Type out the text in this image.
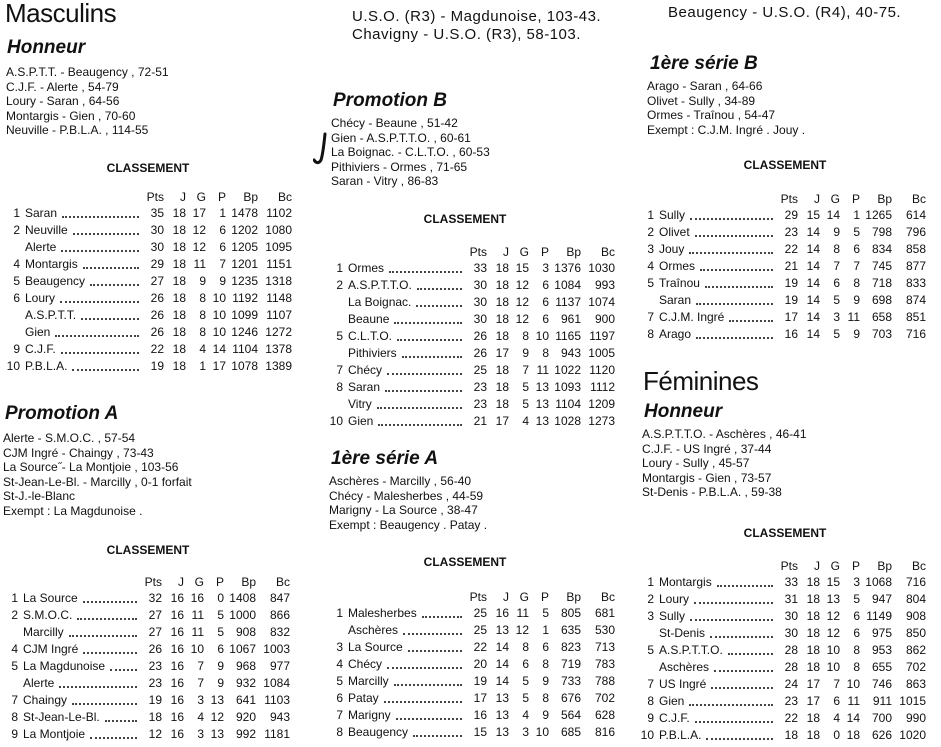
Masculins
Honneur
A.S.P.T.T. - Beaugency , 72-51
C.J.F. - Alerte , 54-79
Loury - Saran , 64-56
Montargis - Gien , 70-60
Neuville - P.B.L.A. , 114-55
CLASSEMENT
Pts	J G P	Bp	Bc
1 Saran	35 18 17	1 1478 1102
2 Neuville	30 18 12	6 1202 1080
Alerte	30 18 12	6 1205 1095
4 Montargis	29 18 11	7 1201 1151
5 Beaugency	27 18	9	9 1235 1318
6 Loury	26 18	8 10 1192 1148
A.S.P.T.T.	26 18	8 10 1099 1107
Gien	26 18	8 10 1246 1272
9 C.J.F.	22 18	4 14 1104 1378
10 P.B.L.A.	19 18	1 17 1078 1389
Promotion A
Alerte - S.M.O.C. , 57-54
CJM Ingré - Chaingy , 73-43
La Source˝- La Montjoie , 103-56
St-Jean-Le-Bl. - Marcilly , 0-1 forfait
St-J.-le-Blanc
Exempt : La Magdunoise .
CLASSEMENT
Pts	J G P	Bp	Bc
1 La Source	32 16 16	0 1408	847
2 S.M.O.C.	27 16 11	5 1000	866
Marcilly	27 16 11	5 908	832
4 CJM Ingré	26 16 10	6 1067 1003
5 La Magdunoise	23 16	7	9 968	977
Alerte	23 16	7	9 932 1084
7 Chaingy	19 16	3 13 641 1103
8 St-Jean-Le-Bl.	18 16	4 12 920	943
9 La Montjoie	12 16	3 13 992 1181

U.S.O. (R3) - Magdunoise, 103-43.

Chavigny - U.S.O. (R3), 58-103.

Promotion B
Chécy - Beaune , 51-42
Gien - A.S.P.T.T.O. , 60-61
La Boignac. - C.L.T.O. , 60-53
Pithiviers - Ormes , 71-65
Saran - Vitry , 86-83
CLASSEMENT
Pts	J G P	Bp	Bc
1 Ormes	33 18 15	3 1376 1030
2 A.S.P.T.T.O.	30 18 12	6 1084	993
La Boignac.	30 18 12	6 1137 1074
Beaune	30 18 12	6 961	900
5 C.L.T.O.	26 18	8 10 1165 1197
Pithiviers	26 17	9	8 943 1005
7 Chécy	25 18	7 11 1022 1120
8 Saran	23 18	5 13 1093 1112
Vitry	23 18	5 13 1104 1209
10 Gien	21 17	4 13 1028 1273
1ère série A
Aschères - Marcilly , 56-40
Chécy - Malesherbes , 44-59
Marigny - La Source , 38-47
Exempt : Beaugency . Patay .
CLASSEMENT
Pts	J G P	Bp	Bc
1 Malesherbes	25 16 11	5 805	681
Aschères	25 13 12	1 635	530
3 La Source	22 14	8	6 823	713
4 Chécy	20 14	6	8 719	783
5 Marcilly	19 14	5	9 733	788
6 Patay	17 13	5	8 676	702
7 Marigny	16 13	4	9 564	628
8 Beaugency	15 13	3 10 685	816

Beaugency - U.S.O. (R4), 40-75.

1ère série B
Arago - Saran , 64-66
Olivet - Sully , 34-89
Ormes - Traînou , 54-47
Exempt : C.J.M. Ingré . Jouy .
CLASSEMENT
Pts	J G P	Bp	Bc
1 Sully	29 15 14	1 1265	614
2 Olivet	23 14	9	5 798	796
3 Jouy	22 14	8	6 834	858
4 Ormes	21 14	7	7 745	877
5 Traînou	19 14	6	8 718	833
Saran	19 14	5	9 698	874
7 C.J.M. Ingré	17 14	3 11 658	851
8 Arago	16 14	5	9 703	716
Féminines
Honneur
A.S.P.T.T.O. - Aschères , 46-41
C.J.F. - US Ingré , 37-44
Loury - Sully , 45-57
Montargis - Gien , 73-57
St-Denis - P.B.L.A. , 59-38
CLASSEMENT
Pts	J G P	Bp	Bc
1 Montargis	33 18 15	3 1068	716
2 Loury	31 18 13	5 947	804
3 Sully	30 18 12	6 1149	908
St-Denis	30 18 12	6 975	850
5 A.S.P.T.T.O.	28 18 10	8 953	862
Aschères	28 18 10	8 655	702
7 US Ingré	24 17	7 10 746	863
8 Gien	23 17	6 11	911 1015
9 C.J.F.	22 18	4 14 700	990
10 P.B.L.A.	18 18	0 18 626 1020
